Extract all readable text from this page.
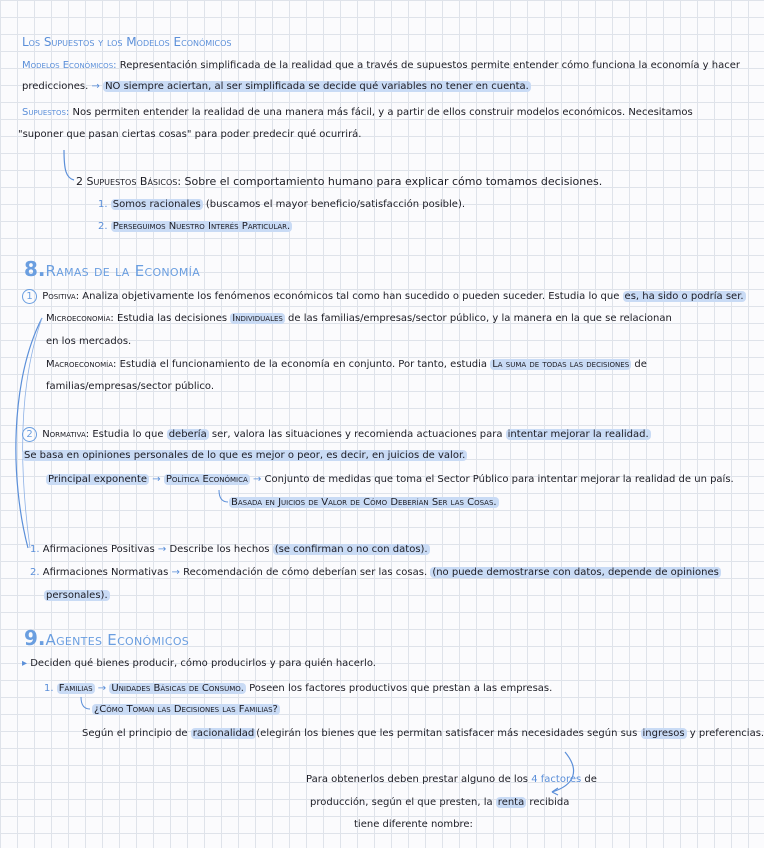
Los Supuestos y los Modelos Económicos
Modelos Económicos: Representación simplificada de la realidad que a través de supuestos permite entender cómo funciona la economía y hacer
predicciones. → NO siempre aciertan, al ser simplificada se decide qué variables no tener en cuenta.
Supuestos: Nos permiten entender la realidad de una manera más fácil, y a partir de ellos construir modelos económicos. Necesitamos
"suponer que pasan ciertas cosas" para poder predecir qué ocurrirá.
2 Supuestos Básicos: Sobre el comportamiento humano para explicar cómo tomamos decisiones.
1. Somos racionales (buscamos el mayor beneficio/satisfacción posible).
2. Perseguimos Nuestro Interés Particular.
8.Ramas de la Economía
1 Positiva: Analiza objetivamente los fenómenos económicos tal como han sucedido o pueden suceder. Estudia lo que es, ha sido o podría ser.
Microeconomía: Estudia las decisiones Individuales de las familias/empresas/sector público, y la manera en la que se relacionan
en los mercados.
Macroeconomía: Estudia el funcionamiento de la economía en conjunto. Por tanto, estudia La suma de todas las decisiones de
familias/empresas/sector público.
2 Normativa: Estudia lo que debería ser, valora las situaciones y recomienda actuaciones para intentar mejorar la realidad.
Se basa en opiniones personales de lo que es mejor o peor, es decir, en juicios de valor.
Principal exponente → Política Económica → Conjunto de medidas que toma el Sector Público para intentar mejorar la realidad de un país.
Basada en Juicios de Valor de Cómo Deberían Ser las Cosas.
1. Afirmaciones Positivas → Describe los hechos (se confirman o no con datos).
2. Afirmaciones Normativas → Recomendación de cómo deberían ser las cosas. (no puede demostrarse con datos, depende de opiniones
personales).
9.Agentes Económicos
▸ Deciden qué bienes producir, cómo producirlos y para quién hacerlo.
1. Familias → Unidades Básicas de Consumo. Poseen los factores productivos que prestan a las empresas.
¿Cómo Toman las Decisiones las Familias?
Según el principio de racionalidad (elegirán los bienes que les permitan satisfacer más necesidades según sus ingresos y preferencias.
Para obtenerlos deben prestar alguno de los 4 factores de
producción, según el que presten, la renta recibida
tiene diferente nombre:
